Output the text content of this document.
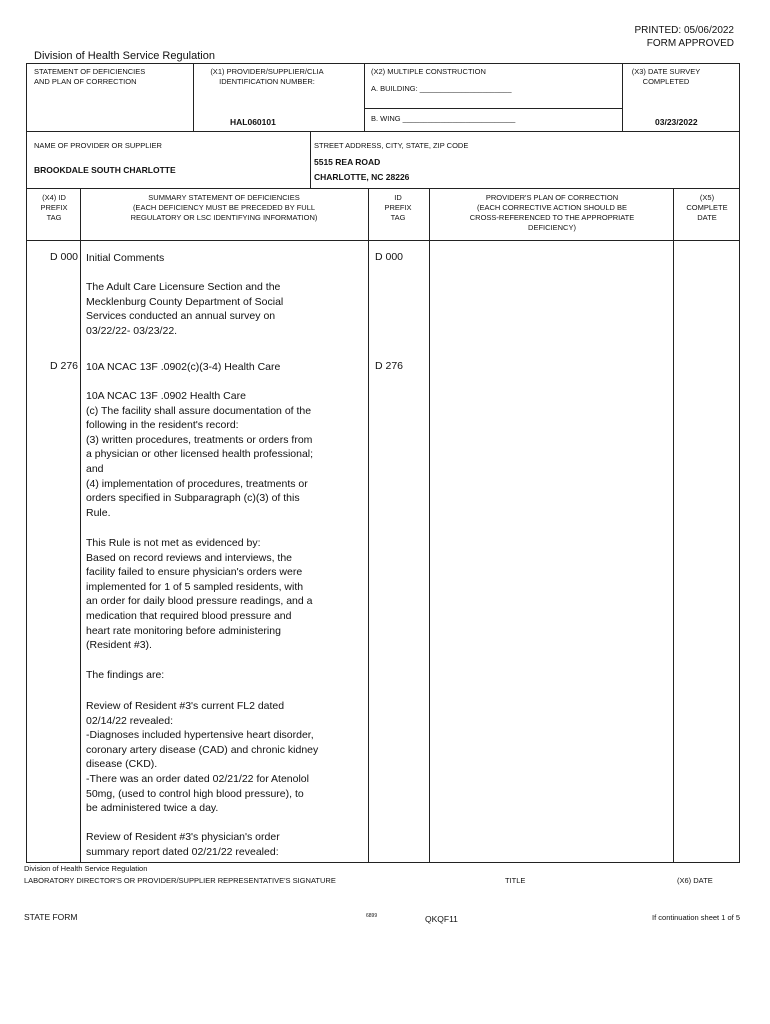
PRINTED: 05/06/2022
FORM APPROVED
Division of Health Service Regulation
STATEMENT OF DEFICIENCIES
AND PLAN OF CORRECTION
(X1) PROVIDER/SUPPLIER/CLIA
IDENTIFICATION NUMBER:
HAL060101
(X2) MULTIPLE CONSTRUCTION
A. BUILDING: ______________________
B. WING ___________________________
(X3) DATE SURVEY
COMPLETED
03/23/2022
NAME OF PROVIDER OR SUPPLIER
BROOKDALE SOUTH CHARLOTTE
STREET ADDRESS, CITY, STATE, ZIP CODE
5515 REA ROAD
CHARLOTTE, NC 28226
(X4) ID
PREFIX
TAG
SUMMARY STATEMENT OF DEFICIENCIES
(EACH DEFICIENCY MUST BE PRECEDED BY FULL
REGULATORY OR LSC IDENTIFYING INFORMATION)
ID
PREFIX
TAG
PROVIDER'S PLAN OF CORRECTION
(EACH CORRECTIVE ACTION SHOULD BE
CROSS-REFERENCED TO THE APPROPRIATE
DEFICIENCY)
(X5)
COMPLETE
DATE
D 000	D 000
Initial Comments
The Adult Care Licensure Section and the
Mecklenburg County Department of Social
Services conducted an annual survey on
03/22/22- 03/23/22.
D 276	D 276
10A NCAC 13F .0902(c)(3-4) Health Care
10A NCAC 13F .0902 Health Care
(c) The facility shall assure documentation of the
following in the resident's record:
(3) written procedures, treatments or orders from
a physician or other licensed health professional;
and
(4) implementation of procedures, treatments or
orders specified in Subparagraph (c)(3) of this
Rule.
This Rule is not met as evidenced by:
Based on record reviews and interviews, the
facility failed to ensure physician's orders were
implemented for 1 of 5 sampled residents, with
an order for daily blood pressure readings, and a
medication that required blood pressure and
heart rate monitoring before administering
(Resident #3).
The findings are:
Review of Resident #3's current FL2 dated
02/14/22 revealed:
-Diagnoses included hypertensive heart disorder,
coronary artery disease (CAD) and chronic kidney
disease (CKD).
-There was an order dated 02/21/22 for Atenolol
50mg, (used to control high blood pressure), to
be administered twice a day.
Review of Resident #3's physician's order
summary report dated 02/21/22 revealed:
Division of Health Service Regulation
LABORATORY DIRECTOR'S OR PROVIDER/SUPPLIER REPRESENTATIVE'S SIGNATURE	TITLE	(X6) DATE
STATE FORM	6899	QKQF11	If continuation sheet 1 of 5
